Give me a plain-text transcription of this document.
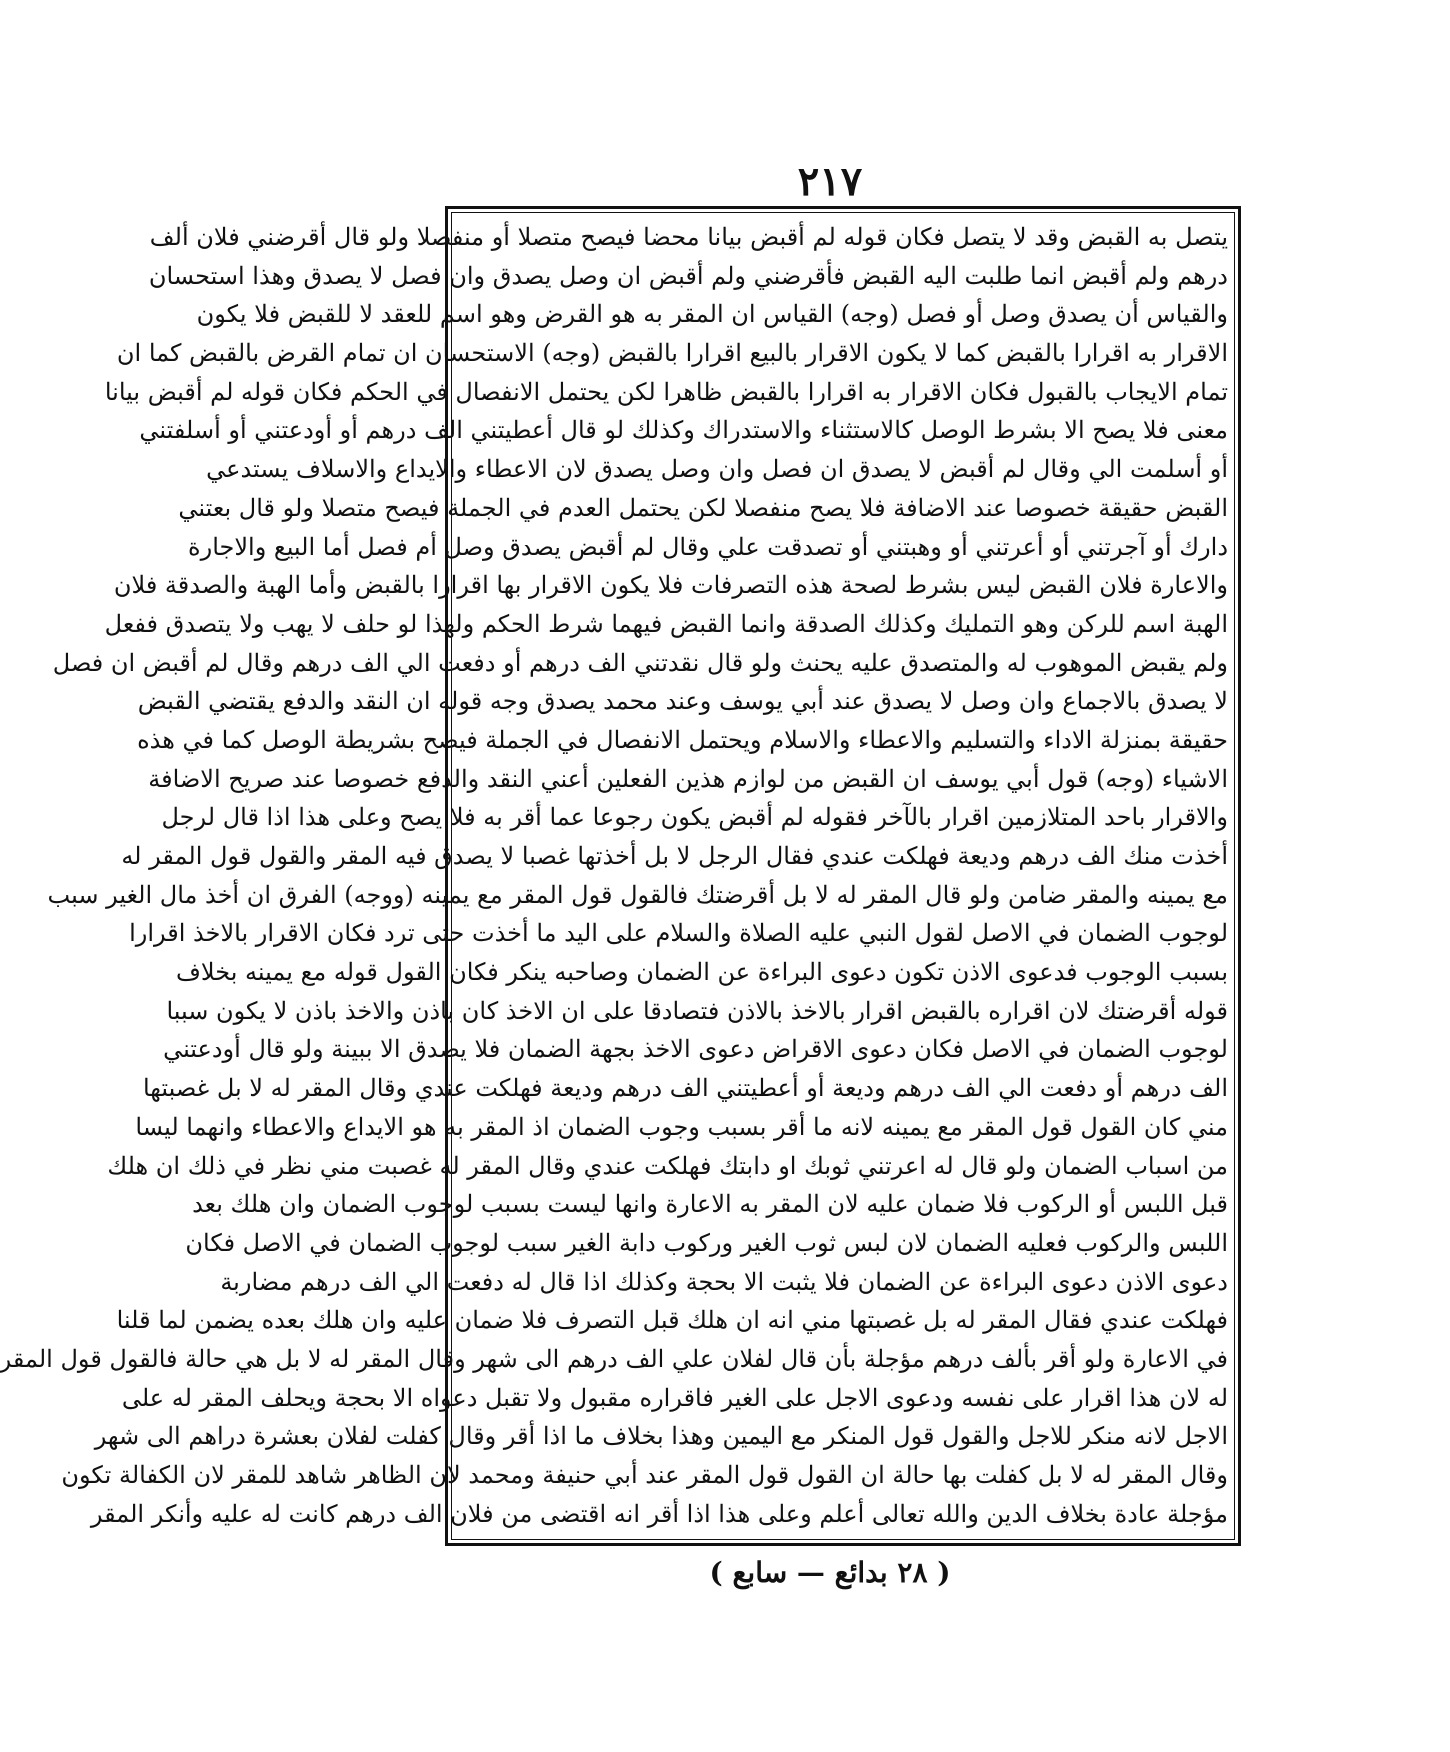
٢١٧
يتصل به القبض وقد لا يتصل فكان قوله لم أقبض بيانا محضا فيصح متصلا أو منفصلا ولو قال أقرضني فلان ألف
درهم ولم أقبض انما طلبت اليه القبض فأقرضني ولم أقبض ان وصل يصدق وان فصل لا يصدق وهذا استحسان
والقياس أن يصدق وصل أو فصل (وجه) القياس ان المقر به هو القرض وهو اسم للعقد لا للقبض فلا يكون
الاقرار به اقرارا بالقبض كما لا يكون الاقرار بالبيع اقرارا بالقبض (وجه) الاستحسان ان تمام القرض بالقبض كما ان
تمام الايجاب بالقبول فكان الاقرار به اقرارا بالقبض ظاهرا لكن يحتمل الانفصال في الحكم فكان قوله لم أقبض بيانا
معنى فلا يصح الا بشرط الوصل كالاستثناء والاستدراك وكذلك لو قال أعطيتني الف درهم أو أودعتني أو أسلفتني
أو أسلمت الي وقال لم أقبض لا يصدق ان فصل وان وصل يصدق لان الاعطاء والايداع والاسلاف يستدعي
القبض حقيقة خصوصا عند الاضافة فلا يصح منفصلا لكن يحتمل العدم في الجملة فيصح متصلا ولو قال بعتني
دارك أو آجرتني أو أعرتني أو وهبتني أو تصدقت علي وقال لم أقبض يصدق وصل أم فصل أما البيع والاجارة
والاعارة فلان القبض ليس بشرط لصحة هذه التصرفات فلا يكون الاقرار بها اقرارا بالقبض وأما الهبة والصدقة فلان
الهبة اسم للركن وهو التمليك وكذلك الصدقة وانما القبض فيهما شرط الحكم ولهذا لو حلف لا يهب ولا يتصدق ففعل
ولم يقبض الموهوب له والمتصدق عليه يحنث ولو قال نقدتني الف درهم أو دفعت الي الف درهم وقال لم أقبض ان فصل
لا يصدق بالاجماع وان وصل لا يصدق عند أبي يوسف وعند محمد يصدق وجه قوله ان النقد والدفع يقتضي القبض
حقيقة بمنزلة الاداء والتسليم والاعطاء والاسلام ويحتمل الانفصال في الجملة فيصح بشريطة الوصل كما في هذه
الاشياء (وجه) قول أبي يوسف ان القبض من لوازم هذين الفعلين أعني النقد والدفع خصوصا عند صريح الاضافة
والاقرار باحد المتلازمين اقرار بالآخر فقوله لم أقبض يكون رجوعا عما أقر به فلا يصح وعلى هذا اذا قال لرجل
أخذت منك الف درهم وديعة فهلكت عندي فقال الرجل لا بل أخذتها غصبا لا يصدق فيه المقر والقول قول المقر له
مع يمينه والمقر ضامن ولو قال المقر له لا بل أقرضتك فالقول قول المقر مع يمينه (ووجه) الفرق ان أخذ مال الغير سبب
لوجوب الضمان في الاصل لقول النبي عليه الصلاة والسلام على اليد ما أخذت حتى ترد فكان الاقرار بالاخذ اقرارا
بسبب الوجوب فدعوى الاذن تكون دعوى البراءة عن الضمان وصاحبه ينكر فكان القول قوله مع يمينه بخلاف
قوله أقرضتك لان اقراره بالقبض اقرار بالاخذ بالاذن فتصادقا على ان الاخذ كان باذن والاخذ باذن لا يكون سببا
لوجوب الضمان في الاصل فكان دعوى الاقراض دعوى الاخذ بجهة الضمان فلا يصدق الا ببينة ولو قال أودعتني
الف درهم أو دفعت الي الف درهم وديعة أو أعطيتني الف درهم وديعة فهلكت عندي وقال المقر له لا بل غصبتها
مني كان القول قول المقر مع يمينه لانه ما أقر بسبب وجوب الضمان اذ المقر به هو الايداع والاعطاء وانهما ليسا
من اسباب الضمان ولو قال له اعرتني ثوبك او دابتك فهلكت عندي وقال المقر له غصبت مني نظر في ذلك ان هلك
قبل اللبس أو الركوب فلا ضمان عليه لان المقر به الاعارة وانها ليست بسبب لوجوب الضمان وان هلك بعد
اللبس والركوب فعليه الضمان لان لبس ثوب الغير وركوب دابة الغير سبب لوجوب الضمان في الاصل فكان
دعوى الاذن دعوى البراءة عن الضمان فلا يثبت الا بحجة وكذلك اذا قال له دفعت الي الف درهم مضاربة
فهلكت عندي فقال المقر له بل غصبتها مني انه ان هلك قبل التصرف فلا ضمان عليه وان هلك بعده يضمن لما قلنا
في الاعارة ولو أقر بألف درهم مؤجلة بأن قال لفلان علي الف درهم الى شهر وقال المقر له لا بل هي حالة فالقول قول المقر
له لان هذا اقرار على نفسه ودعوى الاجل على الغير فاقراره مقبول ولا تقبل دعواه الا بحجة ويحلف المقر له على
الاجل لانه منكر للاجل والقول قول المنكر مع اليمين وهذا بخلاف ما اذا أقر وقال كفلت لفلان بعشرة دراهم الى شهر
وقال المقر له لا بل كفلت بها حالة ان القول قول المقر عند أبي حنيفة ومحمد لان الظاهر شاهد للمقر لان الكفالة تكون
مؤجلة عادة بخلاف الدين والله تعالى أعلم وعلى هذا اذا أقر انه اقتضى من فلان الف درهم كانت له عليه وأنكر المقر
( ٢٨ بدائع — سابع )
